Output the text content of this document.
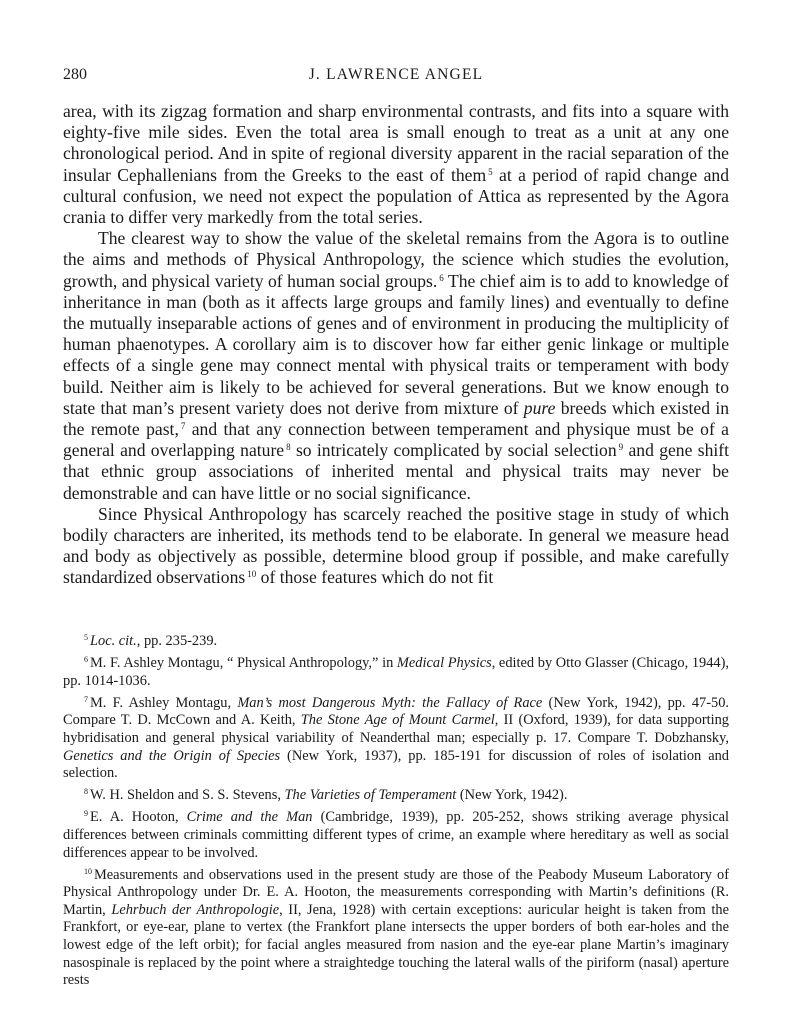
280	J. LAWRENCE ANGEL

area, with its zigzag formation and sharp environmental contrasts, and fits into a square with eighty-five mile sides. Even the total area is small enough to treat as a unit at any one chronological period. And in spite of regional diversity apparent in the racial separation of the insular Cephallenians from the Greeks to the east of them $^5$ at a period of rapid change and cultural confusion, we need not expect the population of Attica as represented by the Agora crania to differ very markedly from the total series.

The clearest way to show the value of the skeletal remains from the Agora is to outline the aims and methods of Physical Anthropology, the science which studies the evolution, growth, and physical variety of human social groups. $^6$ The chief aim is to add to knowledge of inheritance in man (both as it affects large groups and family lines) and eventually to define the mutually inseparable actions of genes and of environment in producing the multiplicity of human phaenotypes. A corollary aim is to discover how far either genic linkage or multiple effects of a single gene may connect mental with physical traits or temperament with body build. Neither aim is likely to be achieved for several generations. But we know enough to state that man’s present variety does not derive from mixture of pure breeds which existed in the remote past, $^7$ and that any connection between temperament and physique must be of a general and overlapping nature $^8$ so intricately complicated by social selection $^9$ and gene shift that ethnic group associations of inherited mental and physical traits may never be demonstrable and can have little or no social significance.

Since Physical Anthropology has scarcely reached the positive stage in study of which bodily characters are inherited, its methods tend to be elaborate. In general we measure head and body as objectively as possible, determine blood group if possible, and make carefully standardized observations $^{10}$ of those features which do not fit

$^5$ Loc. cit., pp. 235-239.

$^6$ M. F. Ashley Montagu, “ Physical Anthropology,” in Medical Physics, edited by Otto Glasser (Chicago, 1944), pp. 1014-1036.

$^7$ M. F. Ashley Montagu, Man’s most Dangerous Myth: the Fallacy of Race (New York, 1942), pp. 47-50. Compare T. D. McCown and A. Keith, The Stone Age of Mount Carmel, II (Oxford, 1939), for data supporting hybridisation and general physical variability of Neanderthal man; especially p. 17. Compare T. Dobzhansky, Genetics and the Origin of Species (New York, 1937), pp. 185-191 for discussion of roles of isolation and selection.

$^8$ W. H. Sheldon and S. S. Stevens, The Varieties of Temperament (New York, 1942).

$^9$ E. A. Hooton, Crime and the Man (Cambridge, 1939), pp. 205-252, shows striking average physical differences between criminals committing different types of crime, an example where hereditary as well as social differences appear to be involved.

$^{10}$ Measurements and observations used in the present study are those of the Peabody Museum Laboratory of Physical Anthropology under Dr. E. A. Hooton, the measurements corresponding with Martin’s definitions (R. Martin, Lehrbuch der Anthropologie, II, Jena, 1928) with certain exceptions: auricular height is taken from the Frankfort, or eye-ear, plane to vertex (the Frankfort plane intersects the upper borders of both ear-holes and the lowest edge of the left orbit); for facial angles measured from nasion and the eye-ear plane Martin’s imaginary nasospinale is replaced by the point where a straightedge touching the lateral walls of the piriform (nasal) aperture rests
